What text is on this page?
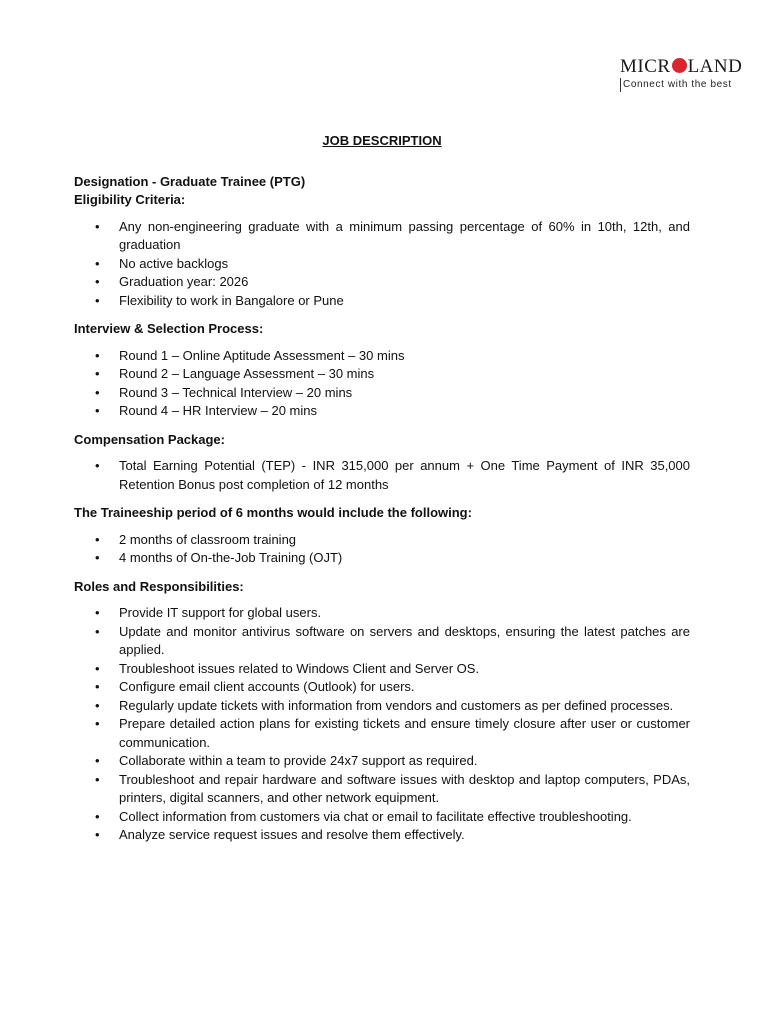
MICR LAND
Connect with the best
JOB DESCRIPTION
Designation - Graduate Trainee (PTG)
Eligibility Criteria:
• Any non-engineering graduate with a minimum passing percentage of 60% in 10th, 12th, and graduation
• No active backlogs
• Graduation year: 2026
• Flexibility to work in Bangalore or Pune
Interview & Selection Process:
• Round 1 – Online Aptitude Assessment – 30 mins
• Round 2 – Language Assessment – 30 mins
• Round 3 – Technical Interview – 20 mins
• Round 4 – HR Interview – 20 mins
Compensation Package:
• Total Earning Potential (TEP) - INR 315,000 per annum + One Time Payment of INR 35,000 Retention Bonus post completion of 12 months
The Traineeship period of 6 months would include the following:
• 2 months of classroom training
• 4 months of On-the-Job Training (OJT)
Roles and Responsibilities:
• Provide IT support for global users.
• Update and monitor antivirus software on servers and desktops, ensuring the latest patches are applied.
• Troubleshoot issues related to Windows Client and Server OS.
• Configure email client accounts (Outlook) for users.
• Regularly update tickets with information from vendors and customers as per defined processes.
• Prepare detailed action plans for existing tickets and ensure timely closure after user or customer communication.
• Collaborate within a team to provide 24x7 support as required.
• Troubleshoot and repair hardware and software issues with desktop and laptop computers, PDAs, printers, digital scanners, and other network equipment.
• Collect information from customers via chat or email to facilitate effective troubleshooting.
• Analyze service request issues and resolve them effectively.
